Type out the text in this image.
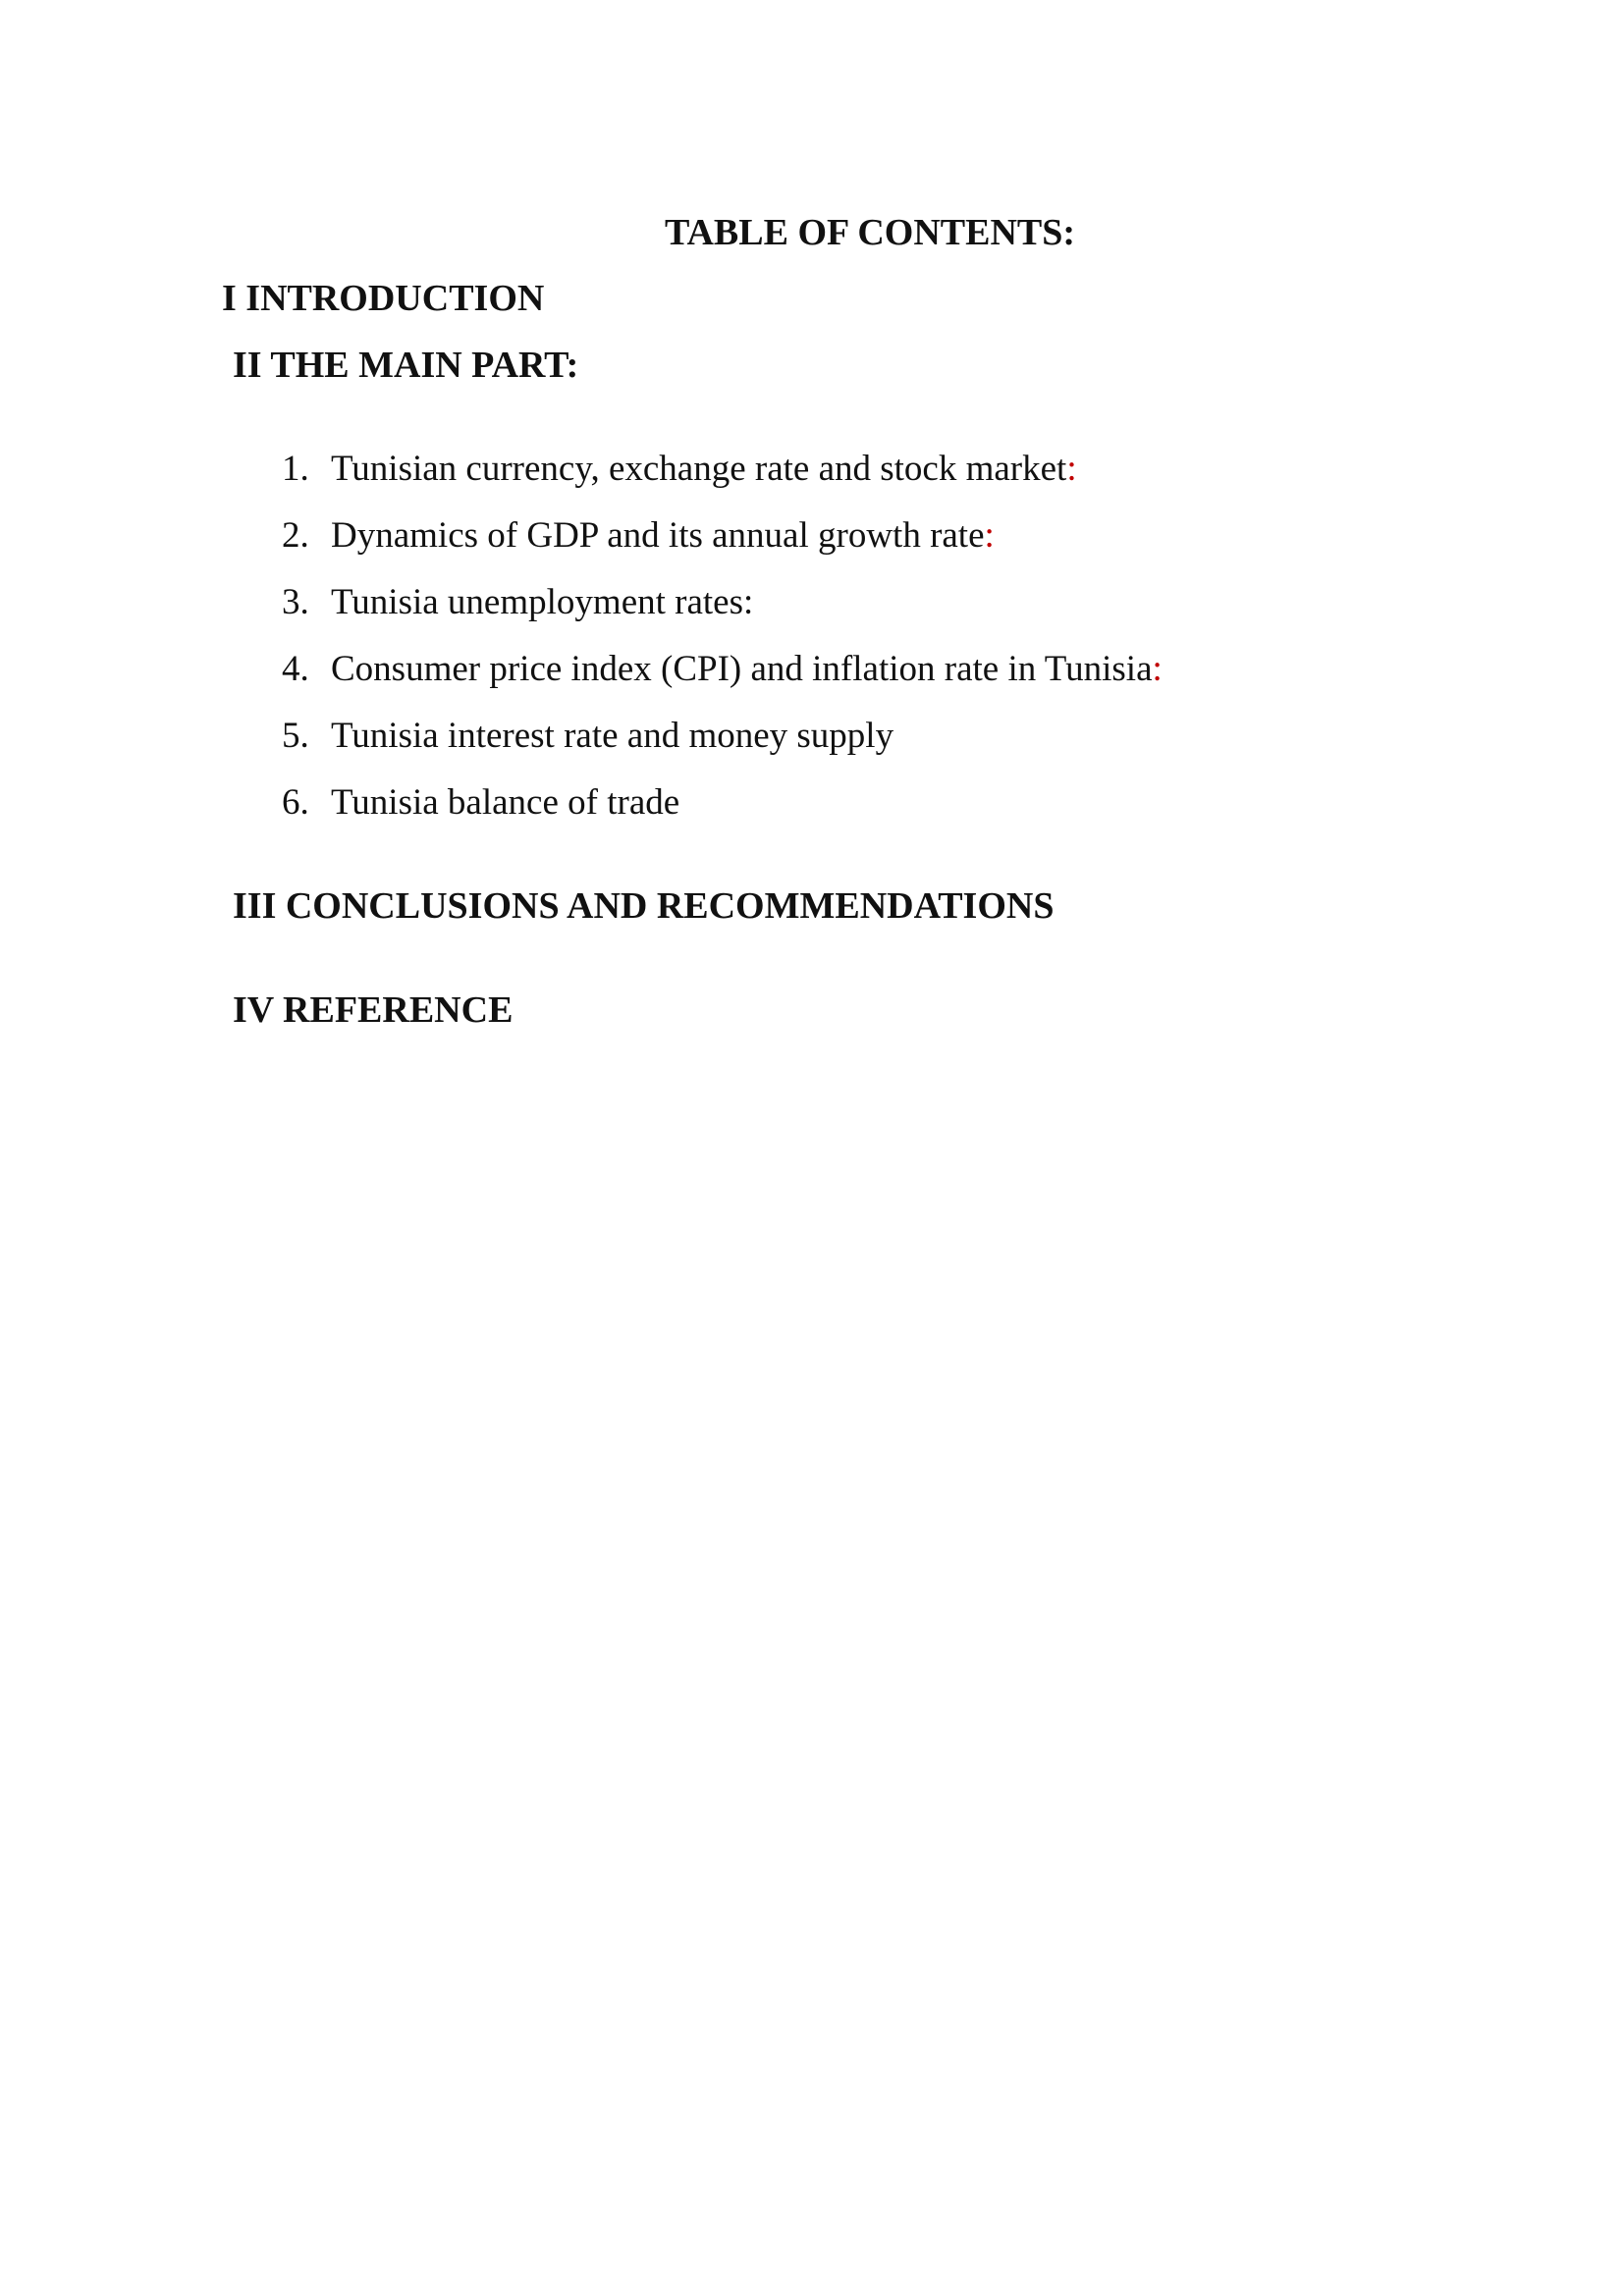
TABLE OF CONTENTS:
I INTRODUCTION
II THE MAIN PART:
1. Tunisian currency, exchange rate and stock market:
2. Dynamics of GDP and its annual growth rate:
3. Tunisia unemployment rates:
4. Consumer price index (CPI) and inflation rate in Tunisia:
5. Tunisia interest rate and money supply
6. Tunisia balance of trade
III CONCLUSIONS AND RECOMMENDATIONS
IV REFERENCE
